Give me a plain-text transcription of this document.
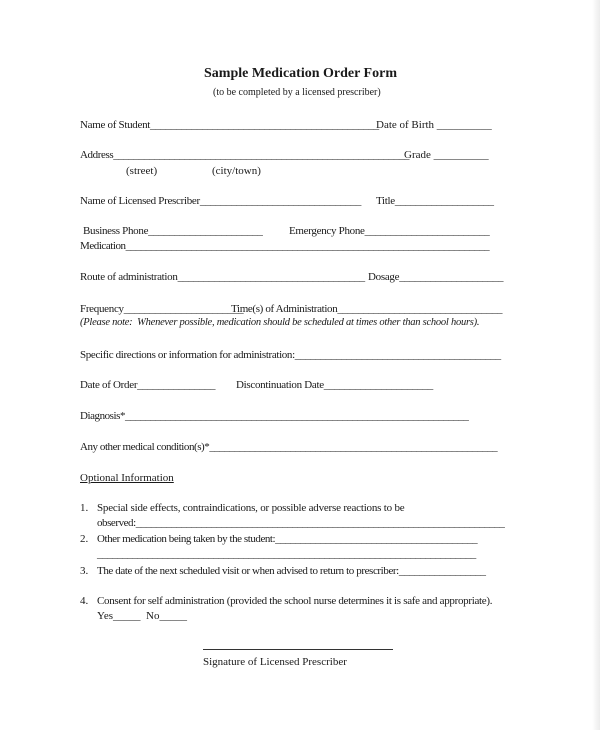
Sample Medication Order Form
(to be completed by a licensed prescriber)
Name of Student____________________________________________
Date of Birth __________
Address__________________________________________________________
Grade __________
(street)	(city/town)
Name of Licensed Prescriber_______________________________ Title___________________
Business Phone______________________ Emergency Phone________________________
Medication________________________________________________________________________
Route of administration____________________________________ Dosage____________________
Frequency_______________________
Time(s) of Administration________________________________
(Please note:  Whenever possible, medication should be scheduled at times other than school hours).
Specific directions or information for administration:________________________________________
Date of Order_______________ Discontinuation Date_____________________
Diagnosis*____________________________________________________________________
Any other medical condition(s)*_________________________________________________________
Optional Information
1. Special side effects, contraindications, or possible adverse reactions to be
observed:_________________________________________________________________________
2. Other medication being taken by the student:________________________________________
___________________________________________________________________________
3. The date of the next scheduled visit or when advised to return to prescriber:_________________
4. Consent for self administration (provided the school nurse determines it is safe and appropriate).
Yes_____  No_____
Signature of Licensed Prescriber
